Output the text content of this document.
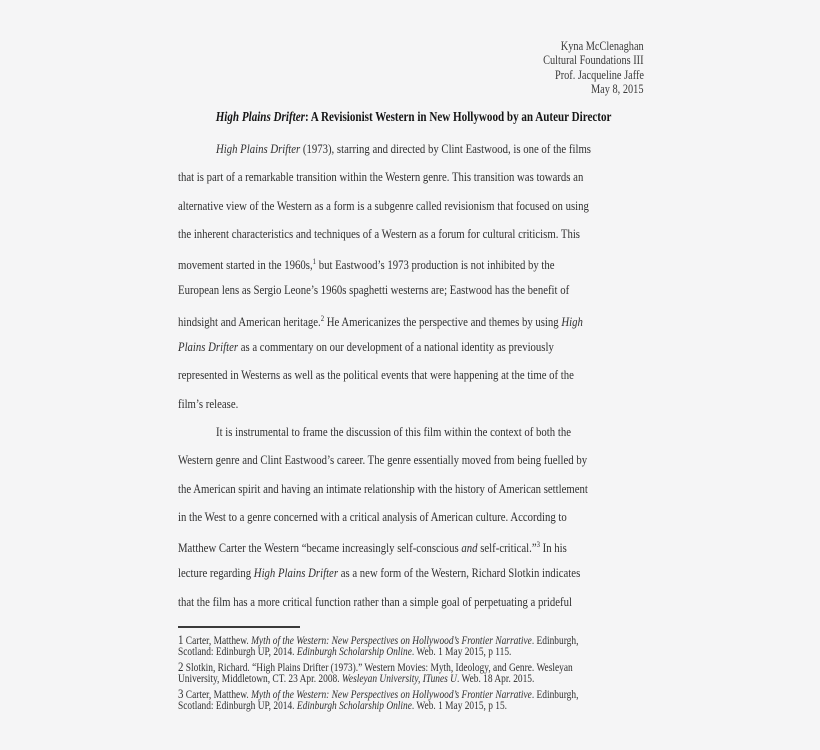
Kyna McClenaghan
Cultural Foundations III
Prof. Jacqueline Jaffe
May 8, 2015
High Plains Drifter: A Revisionist Western in New Hollywood by an Auteur Director
High Plains Drifter (1973), starring and directed by Clint Eastwood, is one of the films
that is part of a remarkable transition within the Western genre. This transition was towards an
alternative view of the Western as a form is a subgenre called revisionism that focused on using
the inherent characteristics and techniques of a Western as a forum for cultural criticism. This
movement started in the 1960s,$^1$ but Eastwood’s 1973 production is not inhibited by the
European lens as Sergio Leone’s 1960s spaghetti westerns are; Eastwood has the benefit of
hindsight and American heritage.$^2$ He Americanizes the perspective and themes by using High
Plains Drifter as a commentary on our development of a national identity as previously
represented in Westerns as well as the political events that were happening at the time of the
film’s release.
It is instrumental to frame the discussion of this film within the context of both the
Western genre and Clint Eastwood’s career. The genre essentially moved from being fuelled by
the American spirit and having an intimate relationship with the history of American settlement
in the West to a genre concerned with a critical analysis of American culture. According to
Matthew Carter the Western “became increasingly self-conscious and self-critical.”$^3$ In his
lecture regarding High Plains Drifter as a new form of the Western, Richard Slotkin indicates
that the film has a more critical function rather than a simple goal of perpetuating a prideful
1 Carter, Matthew. Myth of the Western: New Perspectives on Hollywood’s Frontier Narrative. Edinburgh,
Scotland: Edinburgh UP, 2014. Edinburgh Scholarship Online. Web. 1 May 2015, p 115.
2 Slotkin, Richard. “High Plains Drifter (1973).” Western Movies: Myth, Ideology, and Genre. Wesleyan
University, Middletown, CT. 23 Apr. 2008. Wesleyan University, ITunes U. Web. 18 Apr. 2015.
3 Carter, Matthew. Myth of the Western: New Perspectives on Hollywood’s Frontier Narrative. Edinburgh,
Scotland: Edinburgh UP, 2014. Edinburgh Scholarship Online. Web. 1 May 2015, p 15.
